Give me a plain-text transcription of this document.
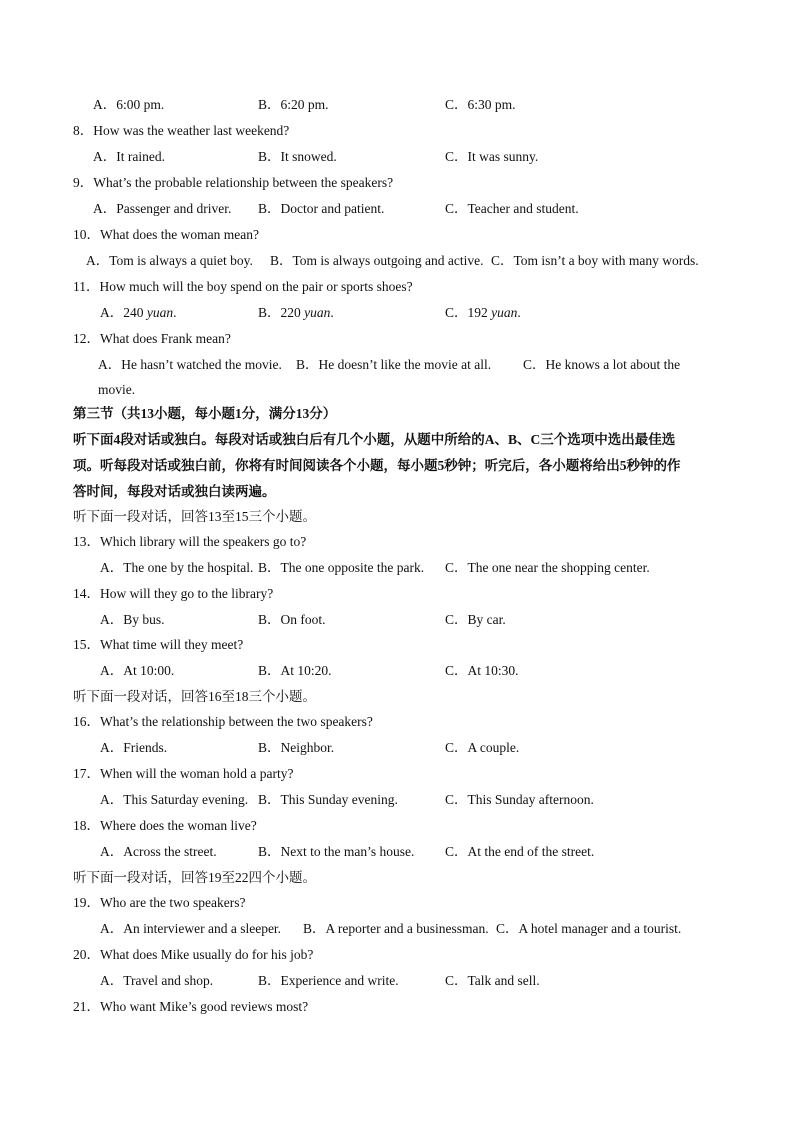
A．6:00 pm.	B．6:20 pm.	C．6:30 pm.
8．How was the weather last weekend?
A．It rained.	B．It snowed.	C．It was sunny.
9．What’s the probable relationship between the speakers?
A．Passenger and driver. B．Doctor and patient.	C．Teacher and student.
10．What does the woman mean?
A．Tom is always a quiet boy. B．Tom is always outgoing and active. C．Tom isn’t a boy with many words.
11．How much will the boy spend on the pair or sports shoes?
A．240 yuan.	B．220 yuan.	C．192 yuan.
12．What does Frank mean?
A．He hasn’t watched the movie. B．He doesn’t like the movie at all. C．He knows a lot about the
movie.
第三节（共13小题，每小题1分，满分13分）
听下面4段对话或独白。每段对话或独白后有几个小题，从题中所给的A、B、C三个选项中选出最佳选
项。听每段对话或独白前，你将有时间阅读各个小题，每小题5秒钟；听完后，各小题将给出5秒钟的作
答时间，每段对话或独白读两遍。
听下面一段对话，回答13至15三个小题。
13．Which library will the speakers go to?
A．The one by the hospital. B．The one opposite the park. C．The one near the shopping center.
14．How will they go to the library?
A．By bus.	B．On foot.	C．By car.
15．What time will they meet?
A．At 10:00.	B．At 10:20.	C．At 10:30.
听下面一段对话，回答16至18三个小题。
16．What’s the relationship between the two speakers?
A．Friends.	B．Neighbor.	C．A couple.
17．When will the woman hold a party?
A．This Saturday evening. B．This Sunday evening.	C．This Sunday afternoon.
18．Where does the woman live?
A．Across the street.	B．Next to the man’s house. C．At the end of the street.
听下面一段对话，回答19至22四个小题。
19．Who are the two speakers?
A．An interviewer and a sleeper. B．A reporter and a businessman. C．A hotel manager and a tourist.
20．What does Mike usually do for his job?
A．Travel and shop.	B．Experience and write.	C．Talk and sell.
21．Who want Mike’s good reviews most?
